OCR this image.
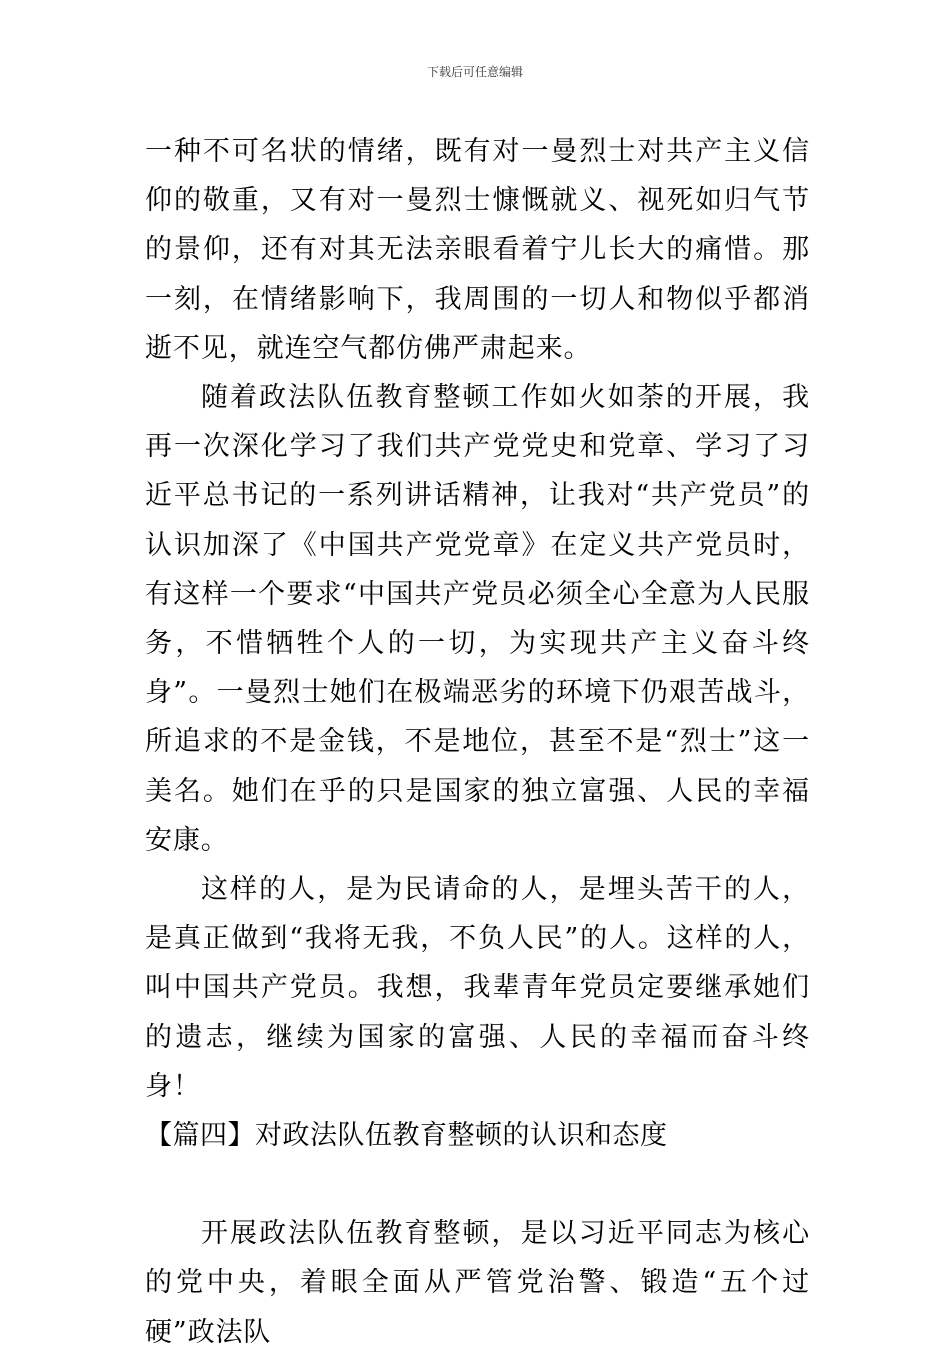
下载后可任意编辑

一种不可名状的情绪，既有对一曼烈士对共产主义信仰的敬重，又有对一曼烈士慷慨就义、视死如归气节的景仰，还有对其无法亲眼看着宁儿长大的痛惜。那一刻，在情绪影响下，我周围的一切人和物似乎都消逝不见，就连空气都仿佛严肃起来。

随着政法队伍教育整顿工作如火如荼的开展，我再一次深化学习了我们共产党党史和党章、学习了习近平总书记的一系列讲话精神，让我对“共产党员”的认识加深了《中国共产党党章》在定义共产党员时，有这样一个要求“中国共产党员必须全心全意为人民服务，不惜牺牲个人的一切，为实现共产主义奋斗终身”。一曼烈士她们在极端恶劣的环境下仍艰苦战斗，所追求的不是金钱，不是地位，甚至不是“烈士”这一美名。她们在乎的只是国家的独立富强、人民的幸福安康。

这样的人，是为民请命的人，是埋头苦干的人，是真正做到“我将无我，不负人民”的人。这样的人，叫中国共产党员。我想，我辈青年党员定要继承她们的遗志，继续为国家的富强、人民的幸福而奋斗终身！

【篇四】对政法队伍教育整顿的认识和态度

开展政法队伍教育整顿，是以习近平同志为核心的党中央，着眼全面从严管党治警、锻造“五个过硬”政法队
